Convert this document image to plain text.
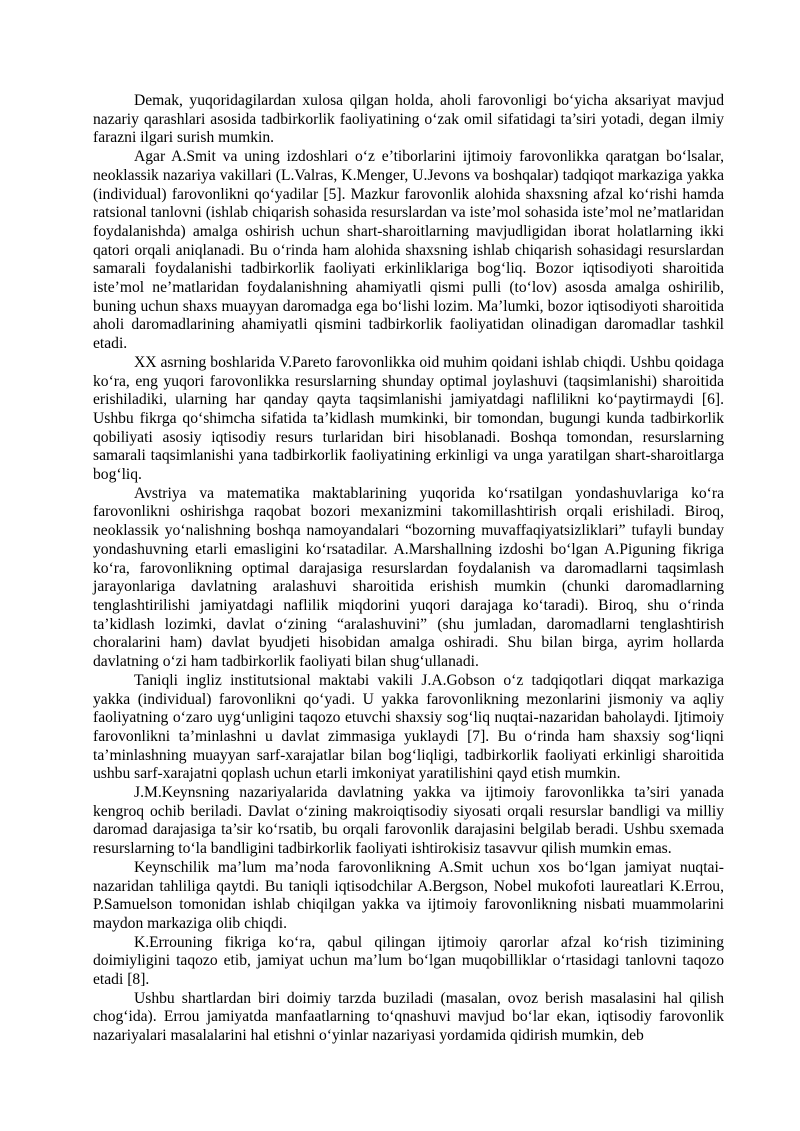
Demak, yuqoridagilardan xulosa qilgan holda, aholi farovonligi bo‘yicha aksariyat mavjud nazariy qarashlari asosida tadbirkorlik faoliyatining o‘zak omil sifatidagi ta’siri yotadi, degan ilmiy farazni ilgari surish mumkin.

Agar A.Smit va uning izdoshlari o‘z e’tiborlarini ijtimoiy farovonlikka qaratgan bo‘lsalar, neoklassik nazariya vakillari (L.Valras, K.Menger, U.Jevons va boshqalar) tadqiqot markaziga yakka (individual) farovonlikni qo‘yadilar [5]. Mazkur farovonlik alohida shaxsning afzal ko‘rishi hamda ratsional tanlovni (ishlab chiqarish sohasida resurslardan va iste’mol sohasida iste’mol ne’matlaridan foydalanishda) amalga oshirish uchun shart-sharoitlarning mavjudligidan iborat holatlarning ikki qatori orqali aniqlanadi. Bu o‘rinda ham alohida shaxsning ishlab chiqarish sohasidagi resurslardan samarali foydalanishi tadbirkorlik faoliyati erkinliklariga bog‘liq. Bozor iqtisodiyoti sharoitida iste’mol ne’matlaridan foydalanishning ahamiyatli qismi pulli (to‘lov) asosda amalga oshirilib, buning uchun shaxs muayyan daromadga ega bo‘lishi lozim. Ma’lumki, bozor iqtisodiyoti sharoitida aholi daromadlarining ahamiyatli qismini tadbirkorlik faoliyatidan olinadigan daromadlar tashkil etadi.

XX asrning boshlarida V.Pareto farovonlikka oid muhim qoidani ishlab chiqdi. Ushbu qoidaga ko‘ra, eng yuqori farovonlikka resurslarning shunday optimal joylashuvi (taqsimlanishi) sharoitida erishiladiki, ularning har qanday qayta taqsimlanishi jamiyatdagi naflilikni ko‘paytirmaydi [6]. Ushbu fikrga qo‘shimcha sifatida ta’kidlash mumkinki, bir tomondan, bugungi kunda tadbirkorlik qobiliyati asosiy iqtisodiy resurs turlaridan biri hisoblanadi. Boshqa tomondan, resurslarning samarali taqsimlanishi yana tadbirkorlik faoliyatining erkinligi va unga yaratilgan shart-sharoitlarga bog‘liq.

Avstriya va matematika maktablarining yuqorida ko‘rsatilgan yondashuvlariga ko‘ra farovonlikni oshirishga raqobat bozori mexanizmini takomillashtirish orqali erishiladi. Biroq, neoklassik yo‘nalishning boshqa namoyandalari “bozorning muvaffaqiyatsizliklari” tufayli bunday yondashuvning etarli emasligini ko‘rsatadilar. A.Marshallning izdoshi bo‘lgan A.Piguning fikriga ko‘ra, farovonlikning optimal darajasiga resurslardan foydalanish va daromadlarni taqsimlash jarayonlariga davlatning aralashuvi sharoitida erishish mumkin (chunki daromadlarning tenglashtirilishi jamiyatdagi naflilik miqdorini yuqori darajaga ko‘taradi). Biroq, shu o‘rinda ta’kidlash lozimki, davlat o‘zining “aralashuvini” (shu jumladan, daromadlarni tenglashtirish choralarini ham) davlat byudjeti hisobidan amalga oshiradi. Shu bilan birga, ayrim hollarda davlatning o‘zi ham tadbirkorlik faoliyati bilan shug‘ullanadi.

Taniqli ingliz institutsional maktabi vakili J.A.Gobson o‘z tadqiqotlari diqqat markaziga yakka (individual) farovonlikni qo‘yadi. U yakka farovonlikning mezonlarini jismoniy va aqliy faoliyatning o‘zaro uyg‘unligini taqozo etuvchi shaxsiy sog‘liq nuqtai-nazaridan baholaydi. Ijtimoiy farovonlikni ta’minlashni u davlat zimmasiga yuklaydi [7]. Bu o‘rinda ham shaxsiy sog‘liqni ta’minlashning muayyan sarf-xarajatlar bilan bog‘liqligi, tadbirkorlik faoliyati erkinligi sharoitida ushbu sarf-xarajatni qoplash uchun etarli imkoniyat yaratilishini qayd etish mumkin.

J.M.Keynsning nazariyalarida davlatning yakka va ijtimoiy farovonlikka ta’siri yanada kengroq ochib beriladi. Davlat o‘zining makroiqtisodiy siyosati orqali resurslar bandligi va milliy daromad darajasiga ta’sir ko‘rsatib, bu orqali farovonlik darajasini belgilab beradi. Ushbu sxemada resurslarning to‘la bandligini tadbirkorlik faoliyati ishtirokisiz tasavvur qilish mumkin emas.

Keynschilik ma’lum ma’noda farovonlikning A.Smit uchun xos bo‘lgan jamiyat nuqtai-nazaridan tahliliga qaytdi. Bu taniqli iqtisodchilar A.Bergson, Nobel mukofoti laureatlari K.Errou, P.Samuelson tomonidan ishlab chiqilgan yakka va ijtimoiy farovonlikning nisbati muammolarini maydon markaziga olib chiqdi.

K.Errouning fikriga ko‘ra, qabul qilingan ijtimoiy qarorlar afzal ko‘rish tizimining doimiyligini taqozo etib, jamiyat uchun ma’lum bo‘lgan muqobilliklar o‘rtasidagi tanlovni taqozo etadi [8].

Ushbu shartlardan biri doimiy tarzda buziladi (masalan, ovoz berish masalasini hal qilish chog‘ida). Errou jamiyatda manfaatlarning to‘qnashuvi mavjud bo‘lar ekan, iqtisodiy farovonlik nazariyalari masalalarini hal etishni o‘yinlar nazariyasi yordamida qidirish mumkin, deb
